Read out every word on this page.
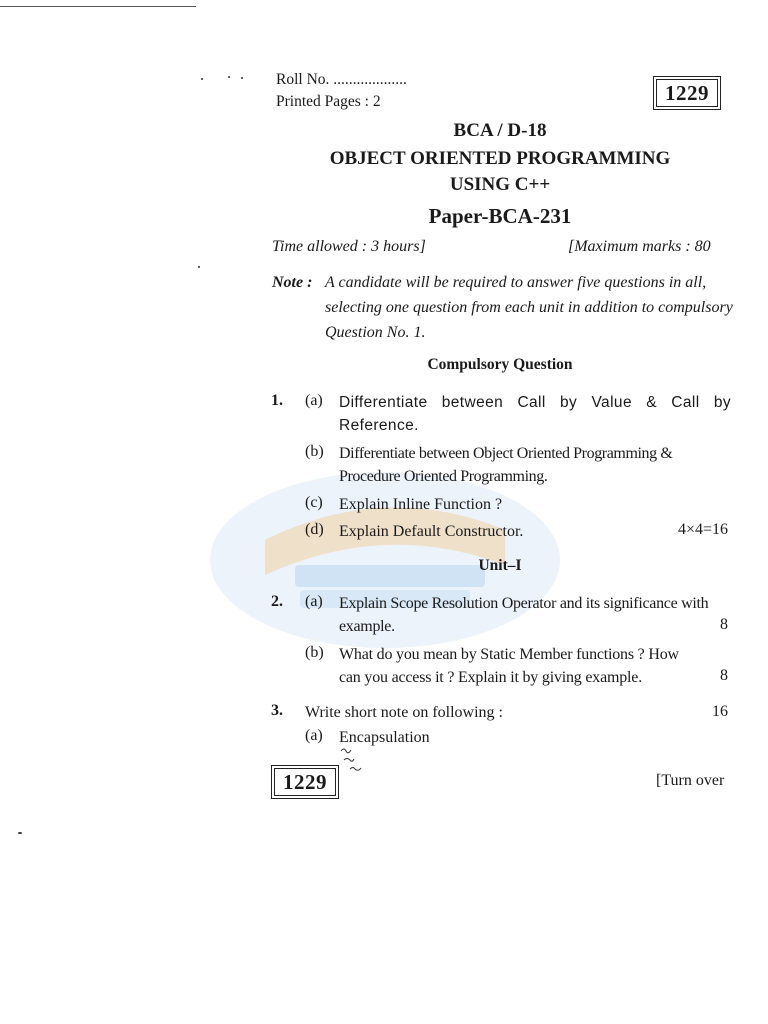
Roll No. ...................
Printed Pages : 2	1229
BCA / D-18
OBJECT ORIENTED PROGRAMMING
USING C++
Paper-BCA-231
Time allowed : 3 hours]	[Maximum marks : 80
Note : A candidate will be required to answer five questions in all, selecting one question from each unit in addition to compulsory Question No. 1.
Compulsory Question
1. (a) Differentiate between Call by Value & Call by Reference.
(b) Differentiate between Object Oriented Programming & Procedure Oriented Programming.
(c) Explain Inline Function ?
(d) Explain Default Constructor.	4×4=16
Unit–I
2. (a) Explain Scope Resolution Operator and its significance with example.	8
(b) What do you mean by Static Member functions ? How can you access it ? Explain it by giving example.	8
3. Write short note on following :	16
(a) Encapsulation
1229	[Turn over
